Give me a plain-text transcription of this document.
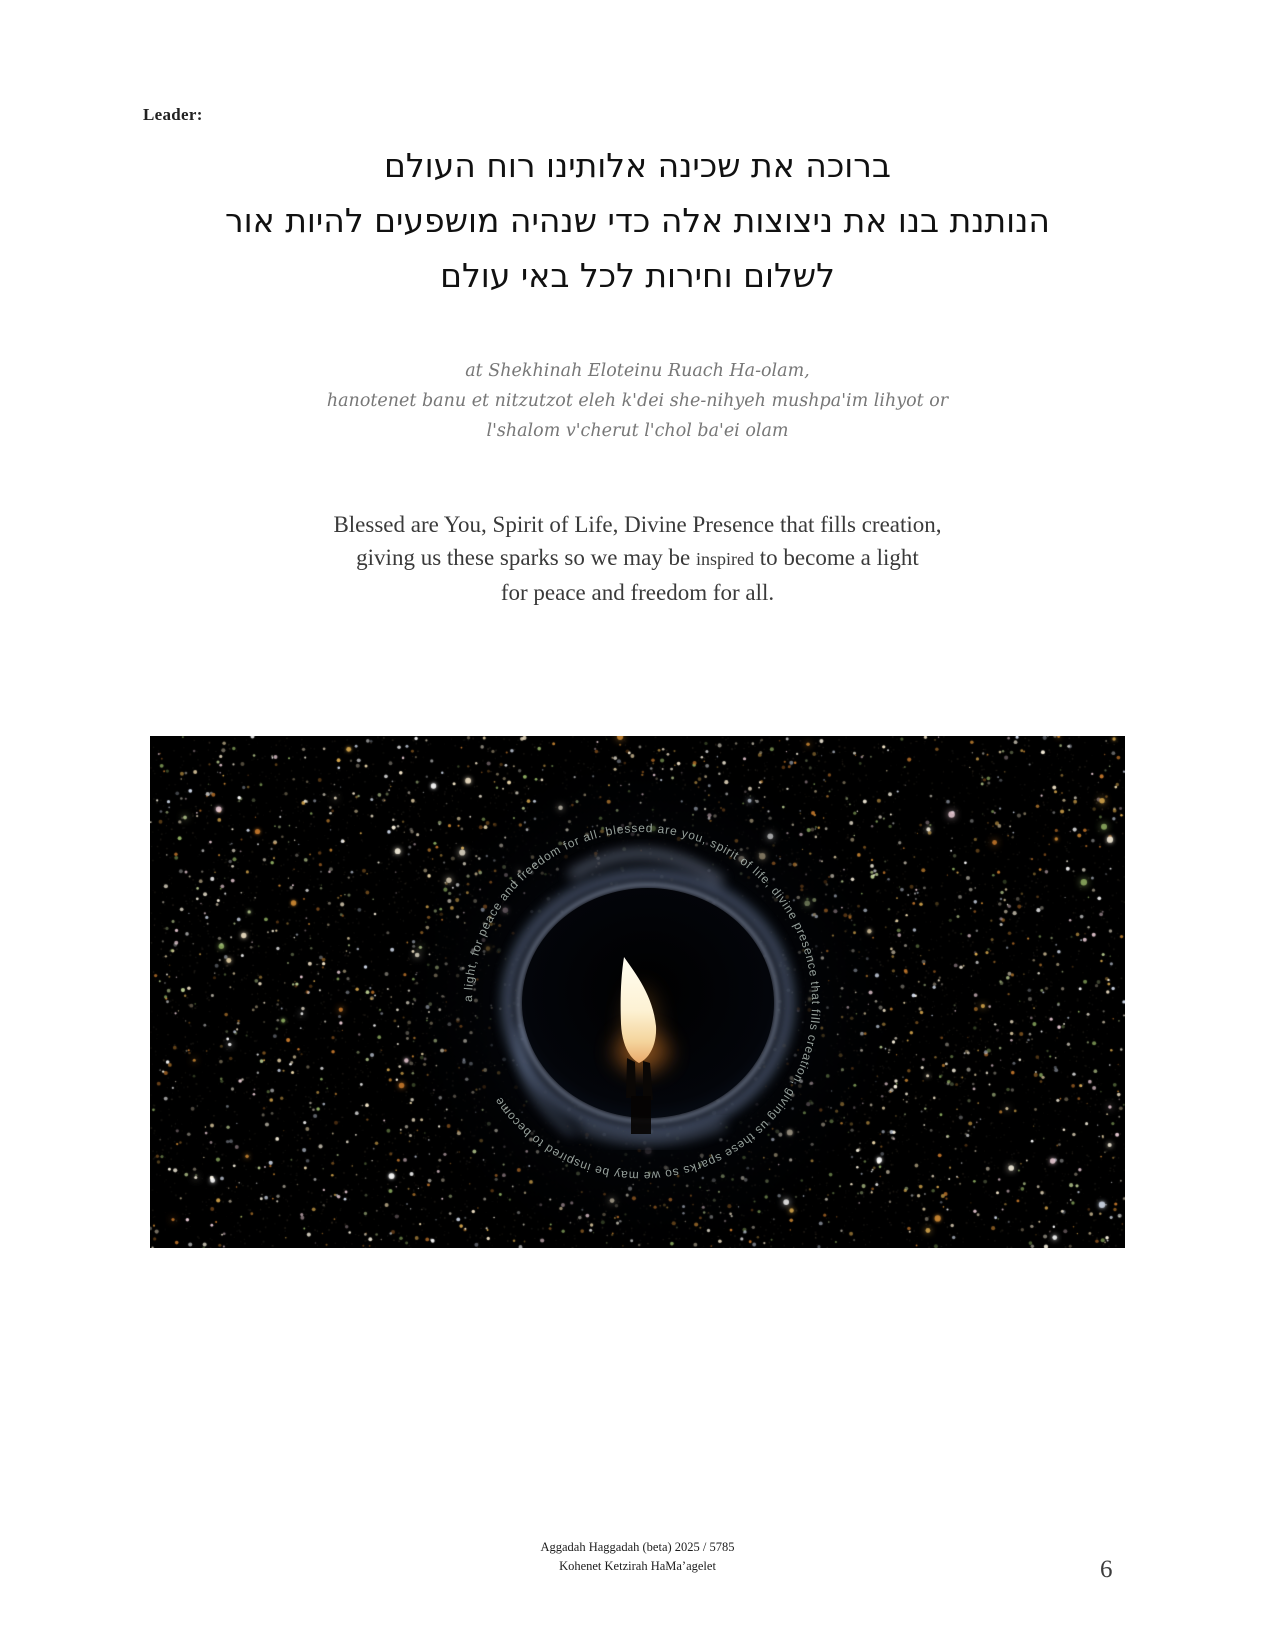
Leader:
ברוכה את שכינה אלותינו רוח העולם
הנותנת בנו את ניצוצות אלה כדי שנהיה מושפעים להיות אור
לשלום וחירות לכל באי עולם
at Shekhinah Eloteinu Ruach Ha-olam,
hanotenet banu et nitzutzot eleh k'dei she-nihyeh mushpa'im lihyot or
l'shalom v'cherut l'chol ba'ei olam
Blessed are You, Spirit of Life, Divine Presence that fills creation,
giving us these sparks so we may be inspired to become a light
for peace and freedom for all.
a light, for peace and freedom for all. blessed are you, spirit of life, divine presence that fills creation, giving us these sparks so we may be inspired to become
Aggadah Haggadah (beta) 2025 / 5785
Kohenet Ketzirah HaMa’agelet	6
